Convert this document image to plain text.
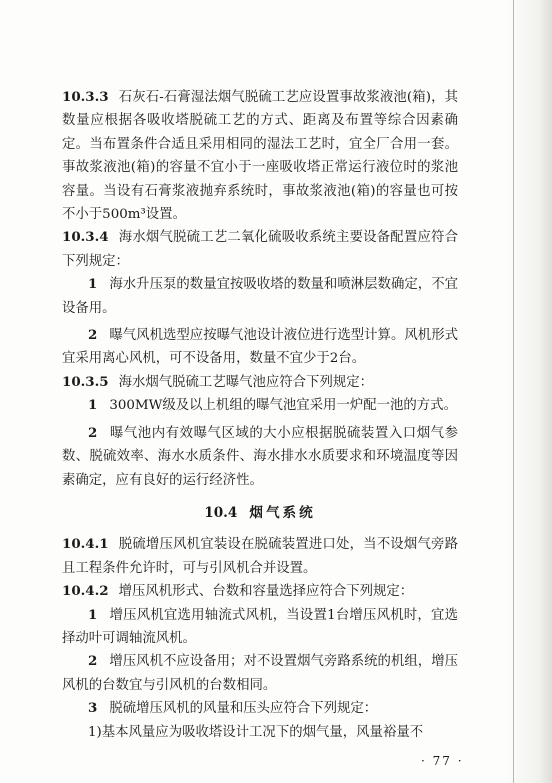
10.3.3 石灰石-石膏湿法烟气脱硫工艺应设置事故浆液池(箱)，其数量应根据各吸收塔脱硫工艺的方式、距离及布置等综合因素确定。当布置条件合适且采用相同的湿法工艺时，宜全厂合用一套。事故浆液池(箱)的容量不宜小于一座吸收塔正常运行液位时的浆池容量。当设有石膏浆液抛弃系统时，事故浆液池(箱)的容量也可按不小于500m³设置。

10.3.4 海水烟气脱硫工艺二氧化硫吸收系统主要设备配置应符合下列规定：

1 海水升压泵的数量宜按吸收塔的数量和喷淋层数确定，不宜设备用。

2 曝气风机选型应按曝气池设计液位进行选型计算。风机形式宜采用离心风机，可不设备用，数量不宜少于2台。

10.3.5 海水烟气脱硫工艺曝气池应符合下列规定：

1 300MW级及以上机组的曝气池宜采用一炉配一池的方式。

2 曝气池内有效曝气区域的大小应根据脱硫装置入口烟气参数、脱硫效率、海水水质条件、海水排水水质要求和环境温度等因素确定，应有良好的运行经济性。

10.4 烟气系统

10.4.1 脱硫增压风机宜装设在脱硫装置进口处，当不设烟气旁路且工程条件允许时，可与引风机合并设置。

10.4.2 增压风机形式、台数和容量选择应符合下列规定：

1 增压风机宜选用轴流式风机，当设置1台增压风机时，宜选择动叶可调轴流风机。

2 增压风机不应设备用；对不设置烟气旁路系统的机组，增压风机的台数宜与引风机的台数相同。

3 脱硫增压风机的风量和压头应符合下列规定：

1)基本风量应为吸收塔设计工况下的烟气量，风量裕量不

· 77 ·
